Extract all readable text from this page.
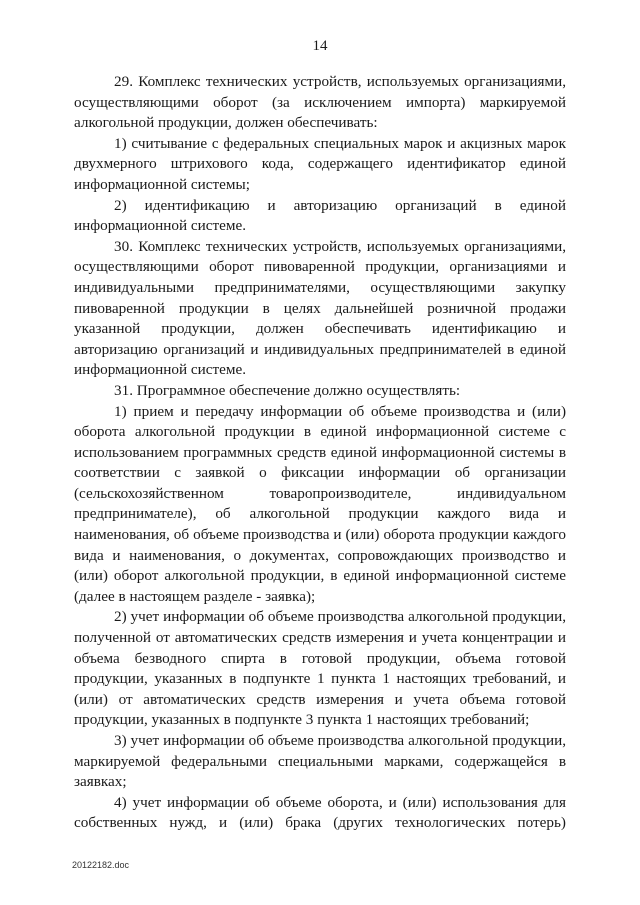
14

29. Комплекс технических устройств, используемых организациями, осуществляющими оборот (за исключением импорта) маркируемой алкогольной продукции, должен обеспечивать:

1) считывание с федеральных специальных марок и акцизных марок двухмерного штрихового кода, содержащего идентификатор единой информационной системы;

2) идентификацию и авторизацию организаций в единой информационной системе.

30. Комплекс технических устройств, используемых организациями, осуществляющими оборот пивоваренной продукции, организациями и индивидуальными предпринимателями, осуществляющими закупку пивоваренной продукции в целях дальнейшей розничной продажи указанной продукции, должен обеспечивать идентификацию и авторизацию организаций и индивидуальных предпринимателей в единой информационной системе.

31. Программное обеспечение должно осуществлять:

1) прием и передачу информации об объеме производства и (или) оборота алкогольной продукции в единой информационной системе с использованием программных средств единой информационной системы в соответствии с заявкой о фиксации информации об организации (сельскохозяйственном товаропроизводителе, индивидуальном предпринимателе), об алкогольной продукции каждого вида и наименования, об объеме производства и (или) оборота продукции каждого вида и наименования, о документах, сопровождающих производство и (или) оборот алкогольной продукции, в единой информационной системе (далее в настоящем разделе - заявка);

2) учет информации об объеме производства алкогольной продукции, полученной от автоматических средств измерения и учета концентрации и объема безводного спирта в готовой продукции, объема готовой продукции, указанных в подпункте 1 пункта 1 настоящих требований, и (или) от автоматических средств измерения и учета объема готовой продукции, указанных в подпункте 3 пункта 1 настоящих требований;

3) учет информации об объеме производства алкогольной продукции, маркируемой федеральными специальными марками, содержащейся в заявках;

4) учет информации об объеме оборота, и (или) использования для собственных нужд, и (или) брака (других технологических потерь)

20122182.doc
